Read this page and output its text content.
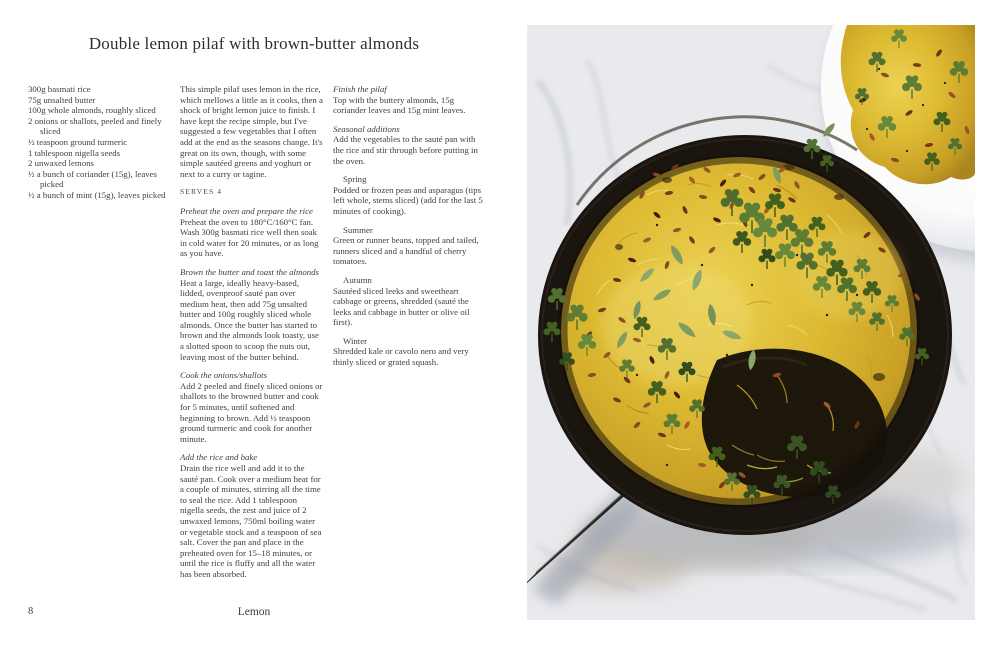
Double lemon pilaf with brown-butter almonds

300g basmati rice

75g unsalted butter

100g whole almonds, roughly sliced

2 onions or shallots, peeled and finely sliced

½ teaspoon ground turmeric

1 tablespoon nigella seeds

2 unwaxed lemons

½ a bunch of coriander (15g), leaves picked

½ a bunch of mint (15g), leaves picked

This simple pilaf uses lemon in the rice, which mellows a little as it cooks, then a shock of bright lemon juice to finish. I have kept the recipe simple, but I've suggested a few vegetables that I often add at the end as the seasons change. It's great on its own, though, with some simple sautéed greens and yoghurt or next to a curry or tagine.

SERVES 4

Preheat the oven and prepare the rice

Preheat the oven to 180°C/160°C fan. Wash 300g basmati rice well then soak in cold water for 20 minutes, or as long as you have.

Brown the butter and toast the almonds

Heat a large, ideally heavy-based, lidded, ovenproof sauté pan over medium heat, then add 75g unsalted butter and 100g roughly sliced whole almonds. Once the butter has started to brown and the almonds look toasty, use a slotted spoon to scoop the nuts out, leaving most of the butter behind.

Cook the onions/shallots

Add 2 peeled and finely sliced onions or shallots to the browned butter and cook for 5 minutes, until softened and beginning to brown. Add ½ teaspoon ground turmeric and cook for another minute.

Add the rice and bake

Drain the rice well and add it to the sauté pan. Cook over a medium heat for a couple of minutes, stirring all the time to seal the rice. Add 1 tablespoon nigella seeds, the zest and juice of 2 unwaxed lemons, 750ml boiling water or vegetable stock and a teaspoon of sea salt. Cover the pan and place in the preheated oven for 15–18 minutes, or until the rice is fluffy and all the water has been absorbed.

Finish the pilaf

Top with the buttery almonds, 15g coriander leaves and 15g mint leaves.

Seasonal additions

Add the vegetables to the sauté pan with the rice and stir through before putting in the oven.

Spring

Podded or frozen peas and asparagus (tips left whole, stems sliced) (add for the last 5 minutes of cooking).

Summer

Green or runner beans, topped and tailed, runners sliced and a handful of cherry tomatoes.

Autumn

Sautéed sliced leeks and sweetheart cabbage or greens, shredded (sauté the leeks and cabbage in butter or olive oil first).

Winter

Shredded kale or cavolo nero and very thinly sliced or grated squash.

8	Lemon
